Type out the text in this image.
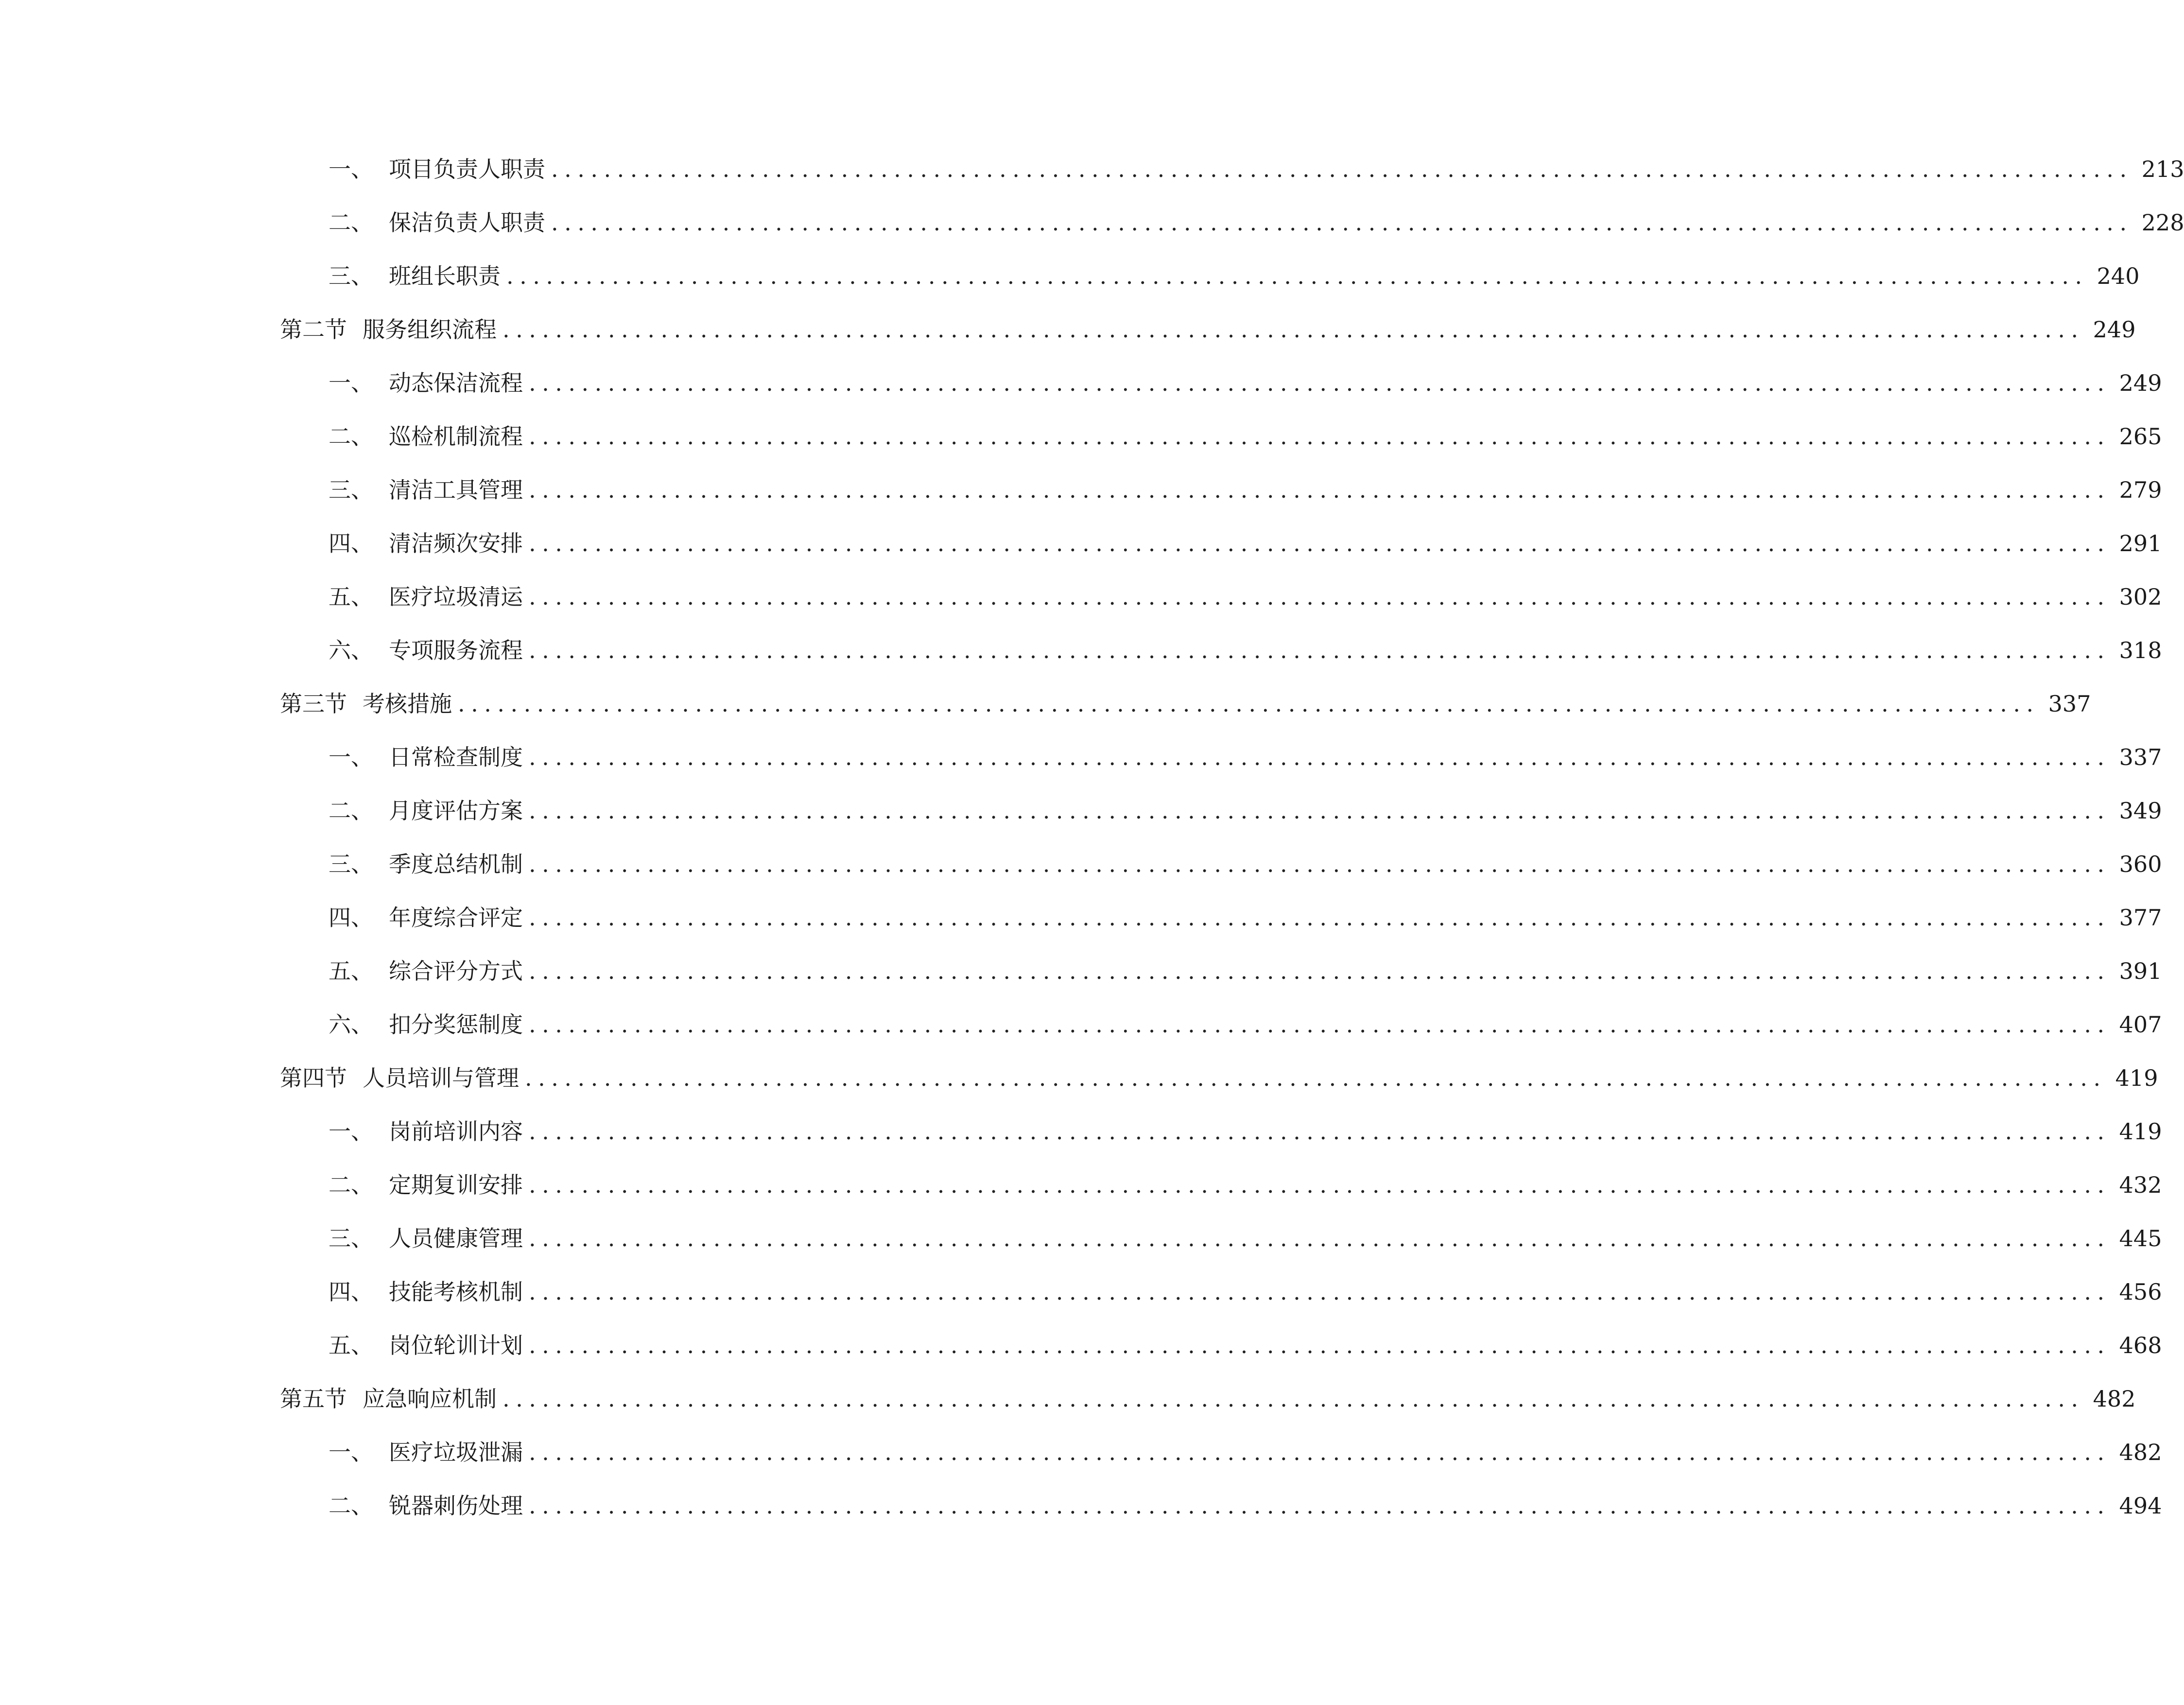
一、 项目负责人职责 ........................................................................................................................ 213
二、 保洁负责人职责 ........................................................................................................................ 228
三、 班组长职责 ........................................................................................................................ 240
第二节 服务组织流程 ........................................................................................................................ 249
一、 动态保洁流程 ........................................................................................................................ 249
二、 巡检机制流程 ........................................................................................................................ 265
三、 清洁工具管理 ........................................................................................................................ 279
四、 清洁频次安排 ........................................................................................................................ 291
五、 医疗垃圾清运 ........................................................................................................................ 302
六、 专项服务流程 ........................................................................................................................ 318
第三节 考核措施 ........................................................................................................................ 337
一、 日常检查制度 ........................................................................................................................ 337
二、 月度评估方案 ........................................................................................................................ 349
三、 季度总结机制 ........................................................................................................................ 360
四、 年度综合评定 ........................................................................................................................ 377
五、 综合评分方式 ........................................................................................................................ 391
六、 扣分奖惩制度 ........................................................................................................................ 407
第四节 人员培训与管理 ........................................................................................................................ 419
一、 岗前培训内容 ........................................................................................................................ 419
二、 定期复训安排 ........................................................................................................................ 432
三、 人员健康管理 ........................................................................................................................ 445
四、 技能考核机制 ........................................................................................................................ 456
五、 岗位轮训计划 ........................................................................................................................ 468
第五节 应急响应机制 ........................................................................................................................ 482
一、 医疗垃圾泄漏 ........................................................................................................................ 482
二、 锐器刺伤处理 ........................................................................................................................ 494
